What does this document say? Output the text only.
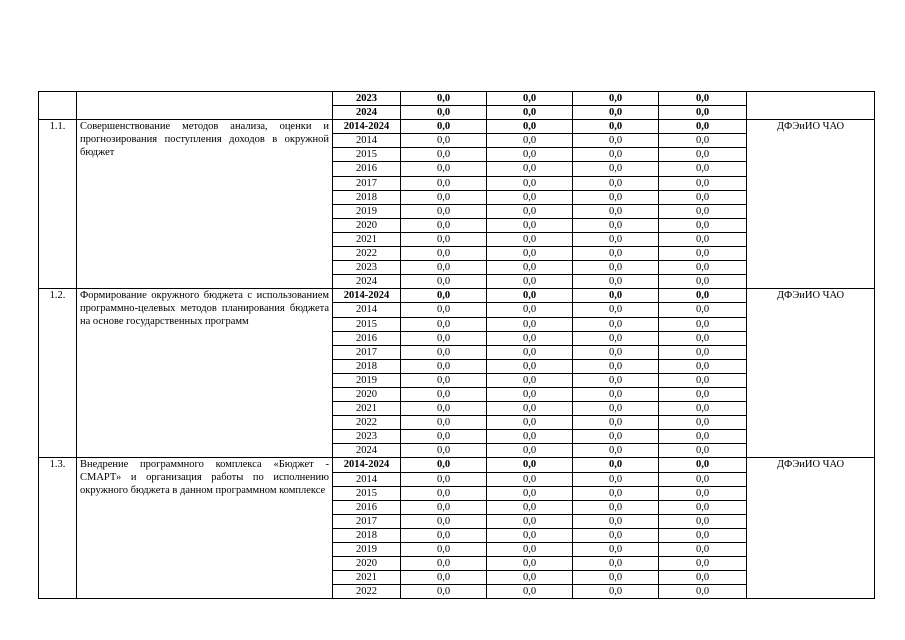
		2023	0,0	0,0	0,0	0,0	
		2024	0,0	0,0	0,0	0,0	
1.1.	Совершенствование методов анализа, оценки и прогнозирования поступления доходов в окружной бюджет	2014-2024	0,0	0,0	0,0	0,0	ДФЭиИО ЧАО
		2014	0,0	0,0	0,0	0,0	
		2015	0,0	0,0	0,0	0,0	
		2016	0,0	0,0	0,0	0,0	
		2017	0,0	0,0	0,0	0,0	
		2018	0,0	0,0	0,0	0,0	
		2019	0,0	0,0	0,0	0,0	
		2020	0,0	0,0	0,0	0,0	
		2021	0,0	0,0	0,0	0,0	
		2022	0,0	0,0	0,0	0,0	
		2023	0,0	0,0	0,0	0,0	
		2024	0,0	0,0	0,0	0,0	
1.2.	Формирование окружного бюджета с использованием программно-целевых методов планирования бюджета на основе государственных программ	2014-2024	0,0	0,0	0,0	0,0	ДФЭиИО ЧАО
		2014	0,0	0,0	0,0	0,0	
		2015	0,0	0,0	0,0	0,0	
		2016	0,0	0,0	0,0	0,0	
		2017	0,0	0,0	0,0	0,0	
		2018	0,0	0,0	0,0	0,0	
		2019	0,0	0,0	0,0	0,0	
		2020	0,0	0,0	0,0	0,0	
		2021	0,0	0,0	0,0	0,0	
		2022	0,0	0,0	0,0	0,0	
		2023	0,0	0,0	0,0	0,0	
		2024	0,0	0,0	0,0	0,0	
1.3.	Внедрение программного комплекса «Бюджет - СМАРТ» и организация работы по исполнению окружного бюджета в данном программном комплексе	2014-2024	0,0	0,0	0,0	0,0	ДФЭиИО ЧАО
		2014	0,0	0,0	0,0	0,0	
		2015	0,0	0,0	0,0	0,0	
		2016	0,0	0,0	0,0	0,0	
		2017	0,0	0,0	0,0	0,0	
		2018	0,0	0,0	0,0	0,0	
		2019	0,0	0,0	0,0	0,0	
		2020	0,0	0,0	0,0	0,0	
		2021	0,0	0,0	0,0	0,0	
		2022	0,0	0,0	0,0	0,0	
